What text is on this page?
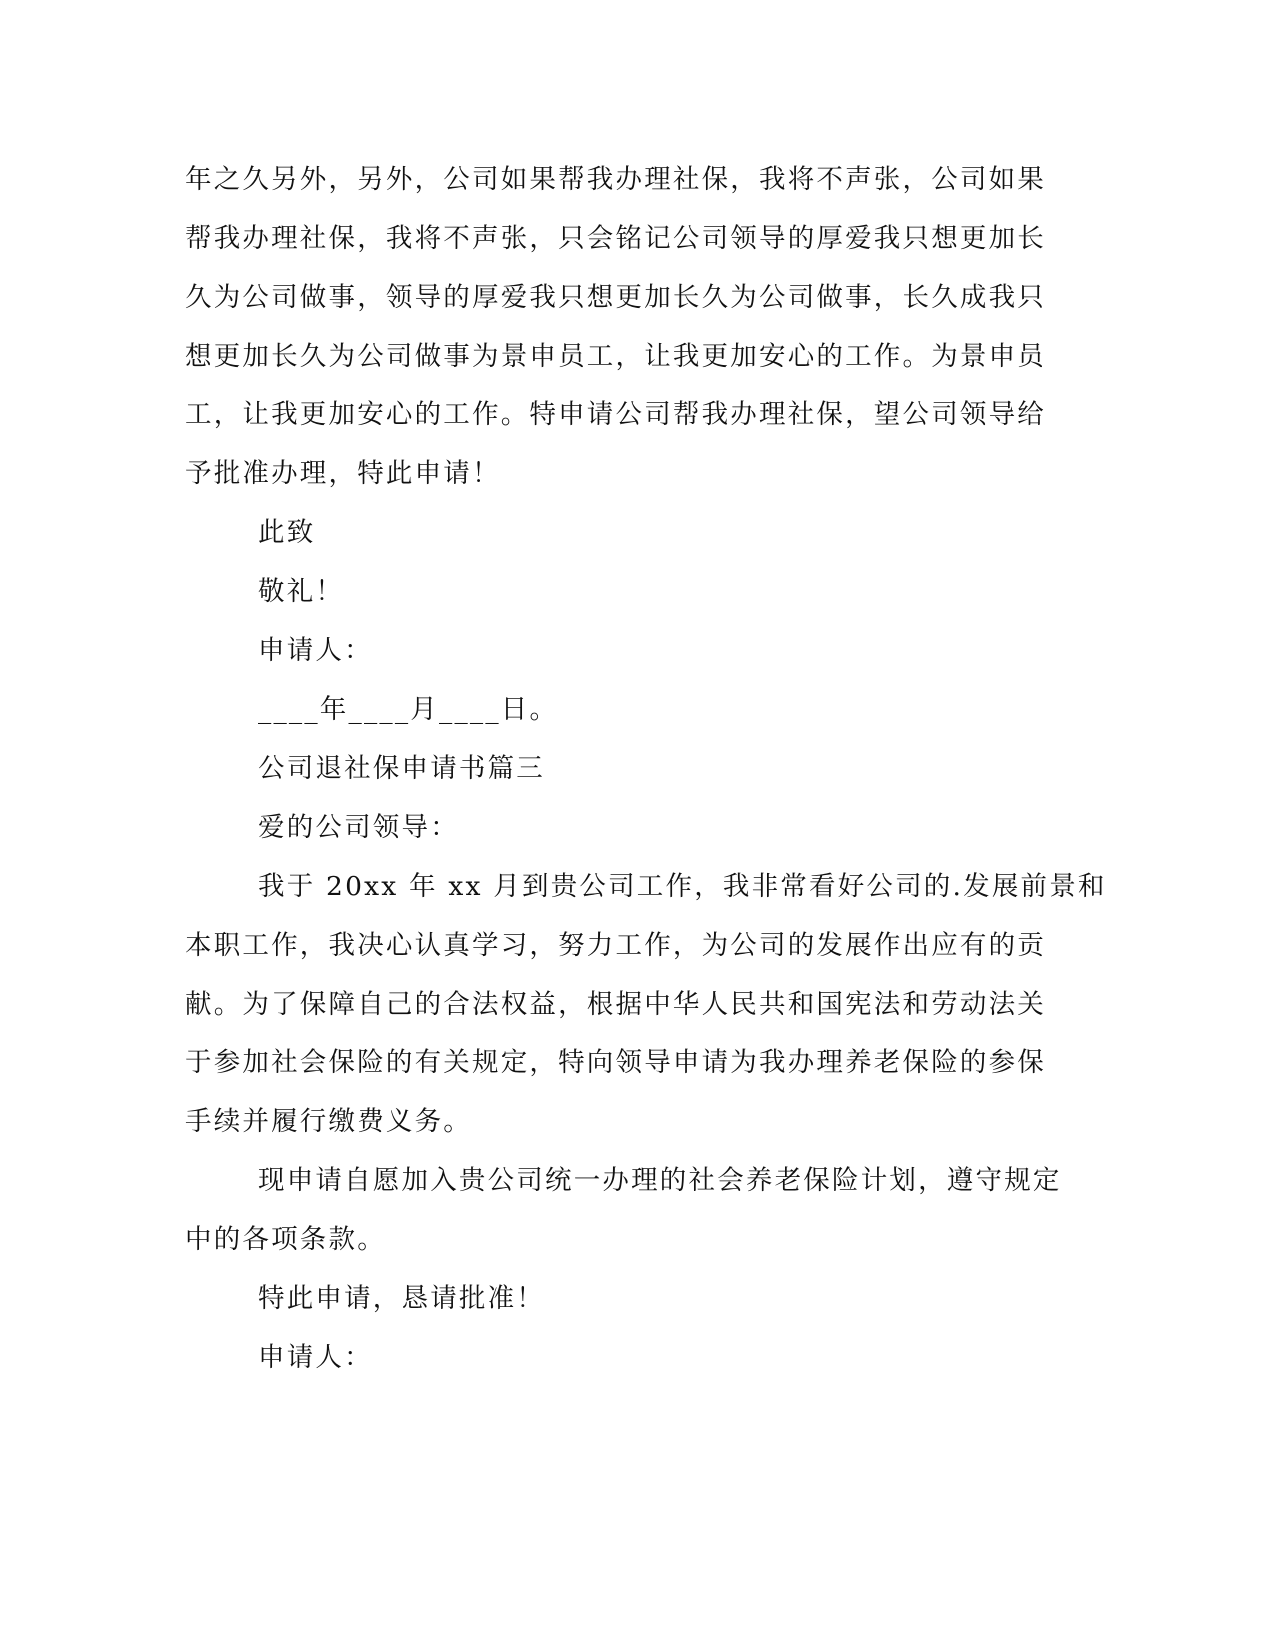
年之久另外，另外，公司如果帮我办理社保，我将不声张，公司如果
帮我办理社保，我将不声张，只会铭记公司领导的厚爱我只想更加长
久为公司做事，领导的厚爱我只想更加长久为公司做事，长久成我只
想更加长久为公司做事为景申员工，让我更加安心的工作。为景申员
工，让我更加安心的工作。特申请公司帮我办理社保，望公司领导给
予批准办理，特此申请！
此致
敬礼！
申请人：
____年____月____日。
公司退社保申请书篇三
爱的公司领导：
我于 20xx 年 xx 月到贵公司工作，我非常看好公司的.发展前景和
本职工作，我决心认真学习，努力工作，为公司的发展作出应有的贡
献。为了保障自己的合法权益，根据中华人民共和国宪法和劳动法关
于参加社会保险的有关规定，特向领导申请为我办理养老保险的参保
手续并履行缴费义务。
现申请自愿加入贵公司统一办理的社会养老保险计划，遵守规定
中的各项条款。
特此申请，恳请批准！
申请人：
